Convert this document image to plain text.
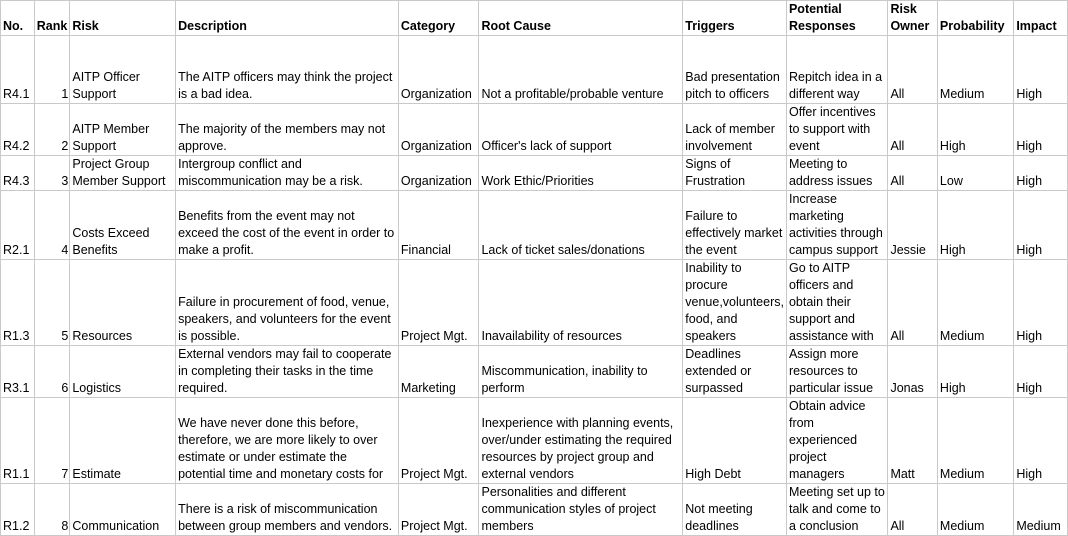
No.	Rank	Risk	Description	Category	Root Cause	Triggers	Potential Responses	Risk Owner	Probability	Impact
R4.1	1	AITP Officer Support	The AITP officers may think the project is a bad idea.	Organization	Not a profitable/probable venture	Bad presentation pitch to officers	Repitch idea in a different way	All	Medium	High
R4.2	2	AITP Member Support	The majority of the members may not approve.	Organization	Officer's lack of support	Lack of member involvement	Offer incentives to support with event	All	High	High
R4.3	3	Project Group Member Support	Intergroup conflict and miscommunication may be a risk.	Organization	Work Ethic/Priorities	Signs of Frustration	Meeting to address issues	All	Low	High
R2.1	4	Costs Exceed Benefits	Benefits from the event may not exceed the cost of the event in order to make a profit.	Financial	Lack of ticket sales/donations	Failure to effectively market the event	Increase marketing activities through campus support	Jessie	High	High
R1.3	5	Resources	Failure in procurement of food, venue, speakers, and volunteers for the event is possible.	Project Mgt.	Inavailability of resources	Inability to procure venue,volunteers, food, and speakers	Go to AITP officers and obtain their support and assistance with	All	Medium	High
R3.1	6	Logistics	External vendors may fail to cooperate in completing their tasks in the time required.	Marketing	Miscommunication, inability to perform	Deadlines extended or surpassed	Assign more resources to particular issue	Jonas	High	High
R1.1	7	Estimate	We have never done this before, therefore, we are more likely to over estimate or under estimate the potential time and monetary costs for	Project Mgt.	Inexperience with planning events, over/under estimating the required resources by project group and external vendors	High Debt	Obtain advice from experienced project managers	Matt	Medium	High
R1.2	8	Communication	There is a risk of miscommunication between group members and vendors.	Project Mgt.	Personalities and different communication styles of project members	Not meeting deadlines	Meeting set up to talk and come to a conclusion	All	Medium	Medium
